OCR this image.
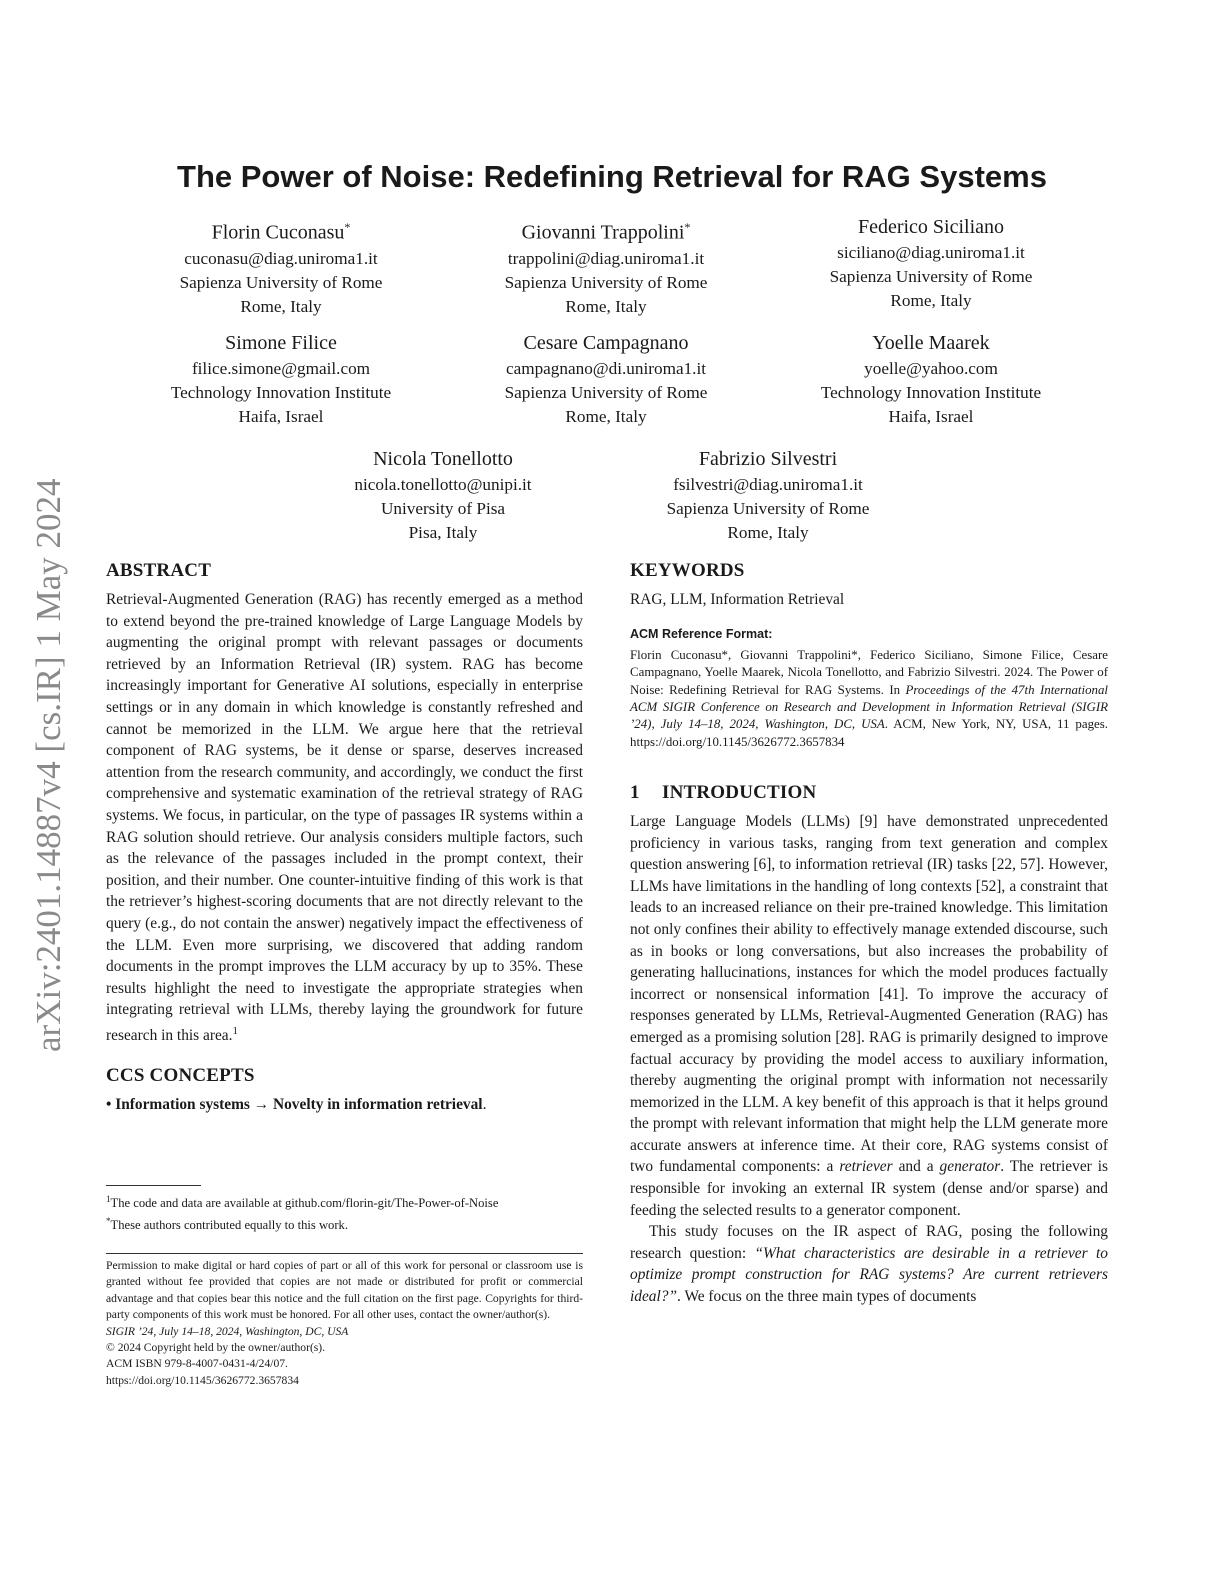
arXiv:2401.14887v4 [cs.IR] 1 May 2024
The Power of Noise: Redefining Retrieval for RAG Systems
Florin Cuconasu*
cuconasu@diag.uniroma1.it
Sapienza University of Rome
Rome, Italy
Giovanni Trappolini*
trappolini@diag.uniroma1.it
Sapienza University of Rome
Rome, Italy
Federico Siciliano
siciliano@diag.uniroma1.it
Sapienza University of Rome
Rome, Italy
Simone Filice
filice.simone@gmail.com
Technology Innovation Institute
Haifa, Israel
Cesare Campagnano
campagnano@di.uniroma1.it
Sapienza University of Rome
Rome, Italy
Yoelle Maarek
yoelle@yahoo.com
Technology Innovation Institute
Haifa, Israel
Nicola Tonellotto
nicola.tonellotto@unipi.it
University of Pisa
Pisa, Italy
Fabrizio Silvestri
fsilvestri@diag.uniroma1.it
Sapienza University of Rome
Rome, Italy
ABSTRACT

Retrieval-Augmented Generation (RAG) has recently emerged as a method to extend beyond the pre-trained knowledge of Large Language Models by augmenting the original prompt with relevant passages or documents retrieved by an Information Retrieval (IR) system. RAG has become increasingly important for Generative AI solutions, especially in enterprise settings or in any domain in which knowledge is constantly refreshed and cannot be memorized in the LLM. We argue here that the retrieval component of RAG systems, be it dense or sparse, deserves increased attention from the research community, and accordingly, we conduct the first comprehensive and systematic examination of the retrieval strategy of RAG systems. We focus, in particular, on the type of passages IR systems within a RAG solution should retrieve. Our analysis considers multiple factors, such as the relevance of the passages included in the prompt context, their position, and their number. One counter-intuitive finding of this work is that the retriever’s highest-scoring documents that are not directly relevant to the query (e.g., do not contain the answer) negatively impact the effectiveness of the LLM. Even more surprising, we discovered that adding random documents in the prompt improves the LLM accuracy by up to 35%. These results highlight the need to investigate the appropriate strategies when integrating retrieval with LLMs, thereby laying the groundwork for future research in this area.$^1$

CCS CONCEPTS

• Information systems → Novelty in information retrieval.

$^1$The code and data are available at github.com/florin-git/The-Power-of-Noise
*These authors contributed equally to this work.

Permission to make digital or hard copies of part or all of this work for personal or classroom use is granted without fee provided that copies are not made or distributed for profit or commercial advantage and that copies bear this notice and the full citation on the first page. Copyrights for third-party components of this work must be honored. For all other uses, contact the owner/author(s).

SIGIR ’24, July 14–18, 2024, Washington, DC, USA
© 2024 Copyright held by the owner/author(s).
ACM ISBN 979-8-4007-0431-4/24/07.
https://doi.org/10.1145/3626772.3657834
KEYWORDS

RAG, LLM, Information Retrieval

ACM Reference Format:

Florin Cuconasu*, Giovanni Trappolini*, Federico Siciliano, Simone Filice, Cesare Campagnano, Yoelle Maarek, Nicola Tonellotto, and Fabrizio Silvestri. 2024. The Power of Noise: Redefining Retrieval for RAG Systems. In Proceedings of the 47th International ACM SIGIR Conference on Research and Development in Information Retrieval (SIGIR ’24), July 14–18, 2024, Washington, DC, USA. ACM, New York, NY, USA, 11 pages. https://doi.org/10.1145/3626772.3657834

1 INTRODUCTION

Large Language Models (LLMs) [9] have demonstrated unprecedented proficiency in various tasks, ranging from text generation and complex question answering [6], to information retrieval (IR) tasks [22, 57]. However, LLMs have limitations in the handling of long contexts [52], a constraint that leads to an increased reliance on their pre-trained knowledge. This limitation not only confines their ability to effectively manage extended discourse, such as in books or long conversations, but also increases the probability of generating hallucinations, instances for which the model produces factually incorrect or nonsensical information [41]. To improve the accuracy of responses generated by LLMs, Retrieval-Augmented Generation (RAG) has emerged as a promising solution [28]. RAG is primarily designed to improve factual accuracy by providing the model access to auxiliary information, thereby augmenting the original prompt with information not necessarily memorized in the LLM. A key benefit of this approach is that it helps ground the prompt with relevant information that might help the LLM generate more accurate answers at inference time. At their core, RAG systems consist of two fundamental components: a retriever and a generator. The retriever is responsible for invoking an external IR system (dense and/or sparse) and feeding the selected results to a generator component.

This study focuses on the IR aspect of RAG, posing the following research question: “What characteristics are desirable in a retriever to optimize prompt construction for RAG systems? Are current retrievers ideal?”. We focus on the three main types of documents
